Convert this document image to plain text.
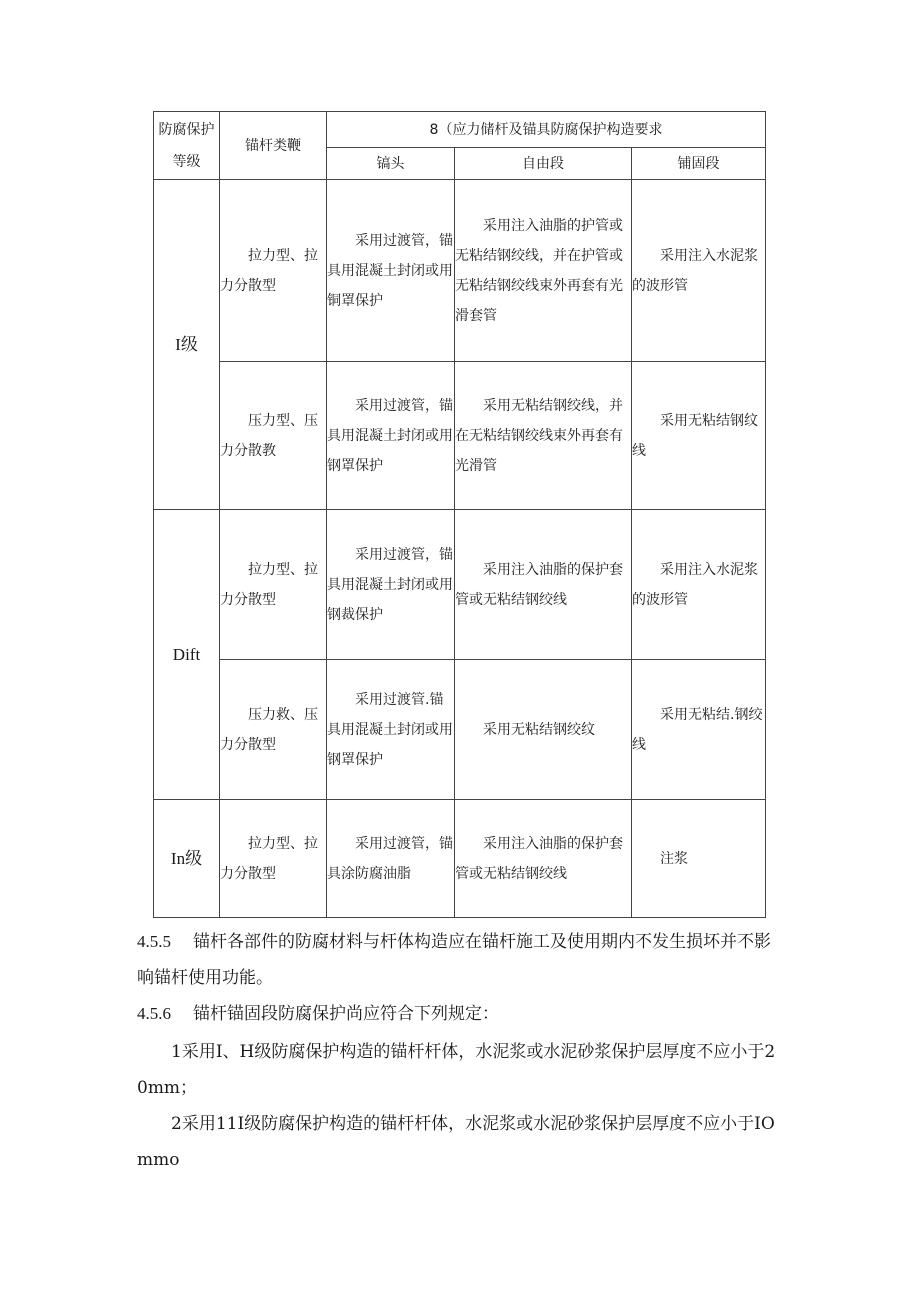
防腐保护等级	锚杆类鞭	8（应力储杆及锚具防腐保护构造要求		
		镐头	自由段	铺固段
I级	拉力型、拉力分散型	采用过渡管，锚具用混凝土封闭或用铜罩保护	采用注入油脂的护管或无粘结钢绞线，并在护管或无粘结钢绞线束外再套有光滑套管	采用注入水泥浆的波形管
	压力型、压力分散教	采用过渡管，锚具用混凝土封闭或用钢罩保护	采用无粘结钢绞线，并在无粘结钢绞线束外再套有光滑管	采用无粘结钢纹线
Dift	拉力型、拉力分散型	采用过渡管，锚具用混凝土封闭或用钢裁保护	采用注入油脂的保护套管或无粘结钢绞线	采用注入水泥浆的波形管
	压力救、压力分散型	采用过渡管.锚具用混凝土封闭或用钢罩保护	采用无粘结钢绞纹	采用无粘结.钢绞线
In级	拉力型、拉力分散型	采用过渡管，锚具涂防腐油脂	采用注入油脂的保护套管或无粘结钢绞线	注浆
4.5.5 锚杆各部件的防腐材料与杆体构造应在锚杆施工及使用期内不发生损坏并不影响锚杆使用功能。
4.5.6 锚杆锚固段防腐保护尚应符合下列规定：
1采用I、H级防腐保护构造的锚杆杆体，水泥浆或水泥砂浆保护层厚度不应小于20mm；
2采用11I级防腐保护构造的锚杆杆体，水泥浆或水泥砂浆保护层厚度不应小于IOmmo
